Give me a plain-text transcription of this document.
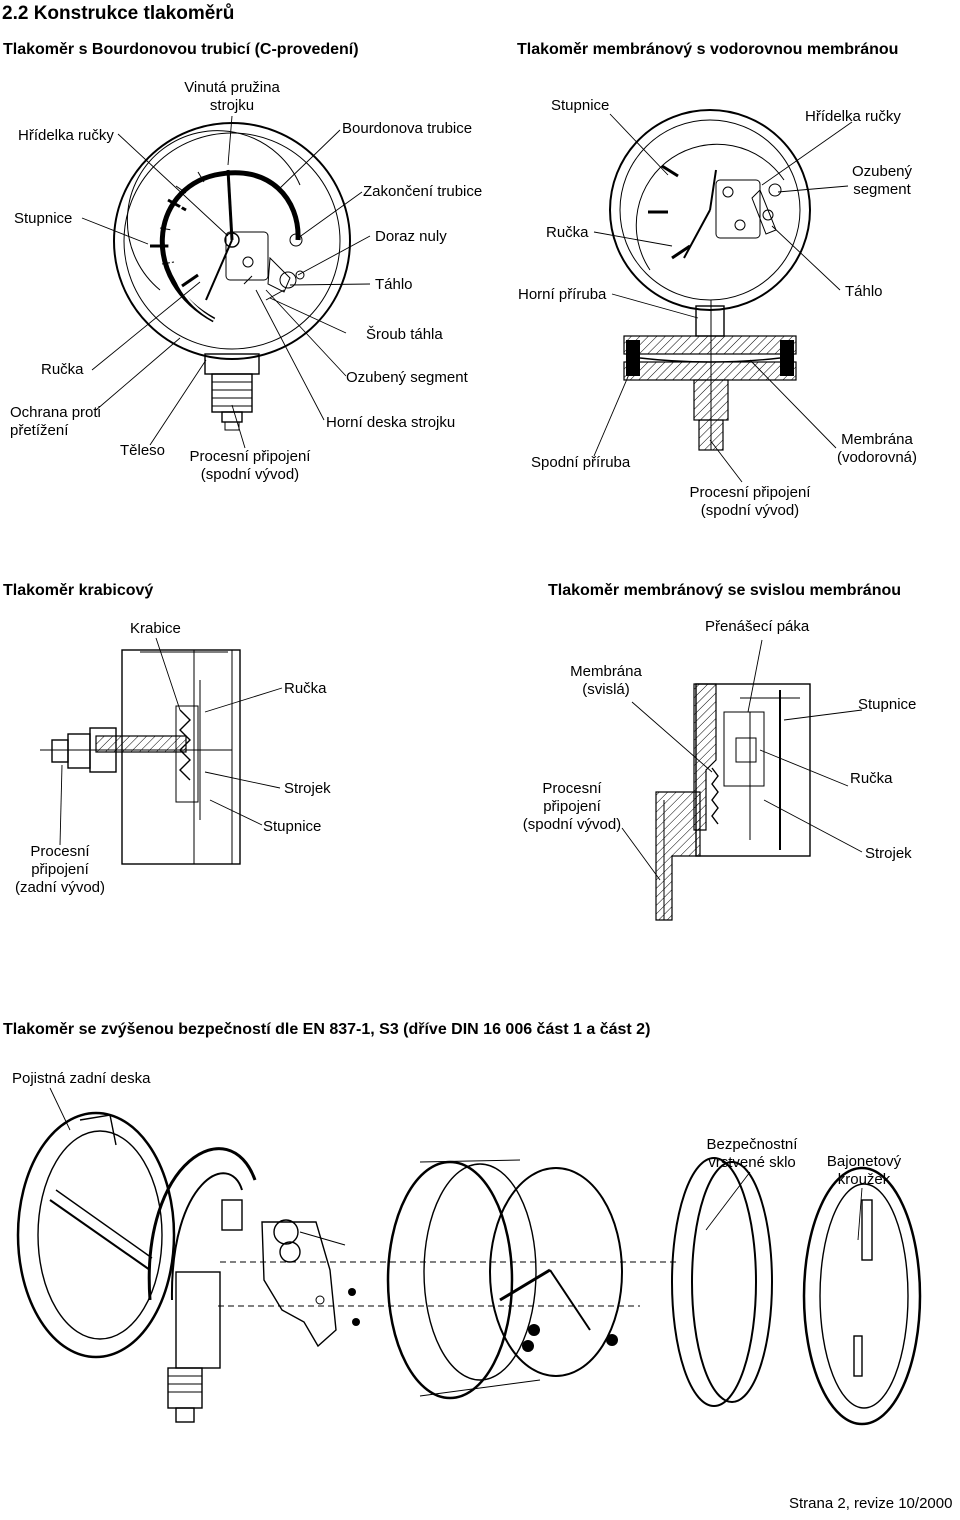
2.2 Konstrukce tlakoměrů
Tlakoměr s Bourdonovou trubicí (C-provedení)
Hřídelka ručky
Vinutá pružina
strojku
Bourdonova trubice
Zakončení trubice
Stupnice
Doraz nuly
Táhlo
Šroub táhla
Ručka	Ozubený segment
Ochrana proti
přetížení	Horní deska strojku
Těleso	Procesní připojení
(spodní vývod)
Tlakoměr membránový s vodorovnou membránou
Stupnice
Hřídelka ručky
Ozubený
segment
Ručka
Horní příruba	Táhlo
Membrána
(vodorovná)
Spodní příruba
Procesní připojení
(spodní vývod)
Tlakoměr krabicový
Krabice
Ručka
Strojek
Stupnice
Procesní
připojení
(zadní vývod)
Tlakoměr membránový se svislou membránou
Přenášecí páka
Membrána
(svislá)
Stupnice
Ručka
Procesní
připojení
(spodní vývod)
Strojek
Tlakoměr se zvýšenou bezpečností dle EN 837-1, S3 (dříve DIN 16 006 část 1 a část 2)
Pojistná zadní deska
Bezpečnostní
vrstvené sklo	Bajonetový
kroužek
Strana 2, revize 10/2000
